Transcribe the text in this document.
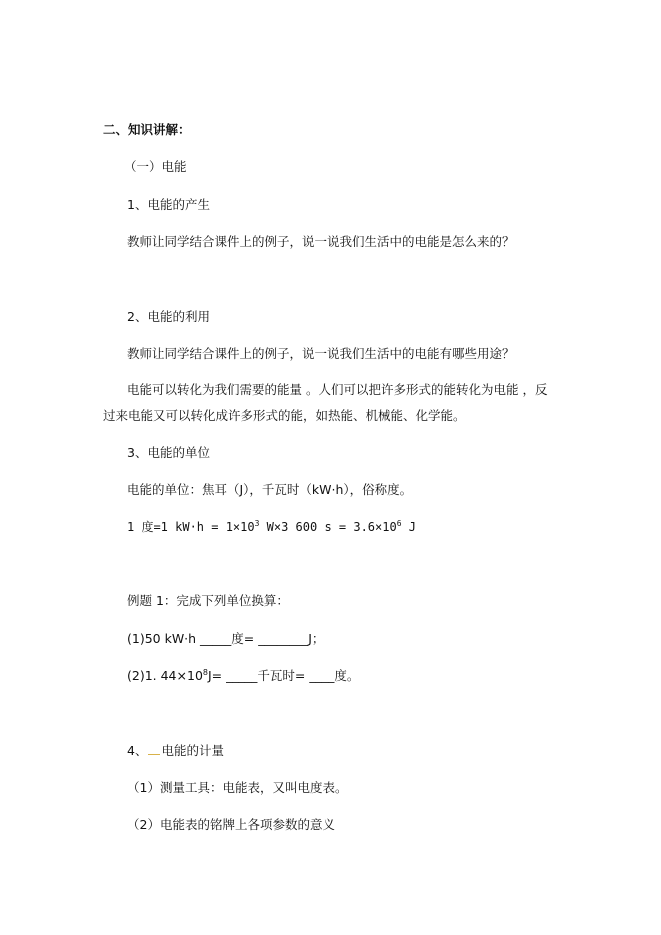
二、知识讲解：
（一）电能
1、电能的产生
教师让同学结合课件上的例子，说一说我们生活中的电能是怎么来的？
2、电能的利用
教师让同学结合课件上的例子，说一说我们生活中的电能有哪些用途？
电能可以转化为我们需要的能量 。人们可以把许多形式的能转化为电能 ，反
过来电能又可以转化成许多形式的能，如热能、机械能、化学能。
3、电能的单位
电能的单位：焦耳（J），千瓦时（kW·h），俗称度。
1 度=1 $kW\cdot h = 1\times 10^3$ W×3 600 $s = 3.6\times 10^6$ J
例题 1：完成下列单位换算：
(1)50 kW·h _____度= ________J；
(2)1. $44\times 10^8J=$ _____千瓦时= ____度。
4、 电能的计量
（1）测量工具：电能表，又叫电度表。
（2）电能表的铭牌上各项参数的意义
